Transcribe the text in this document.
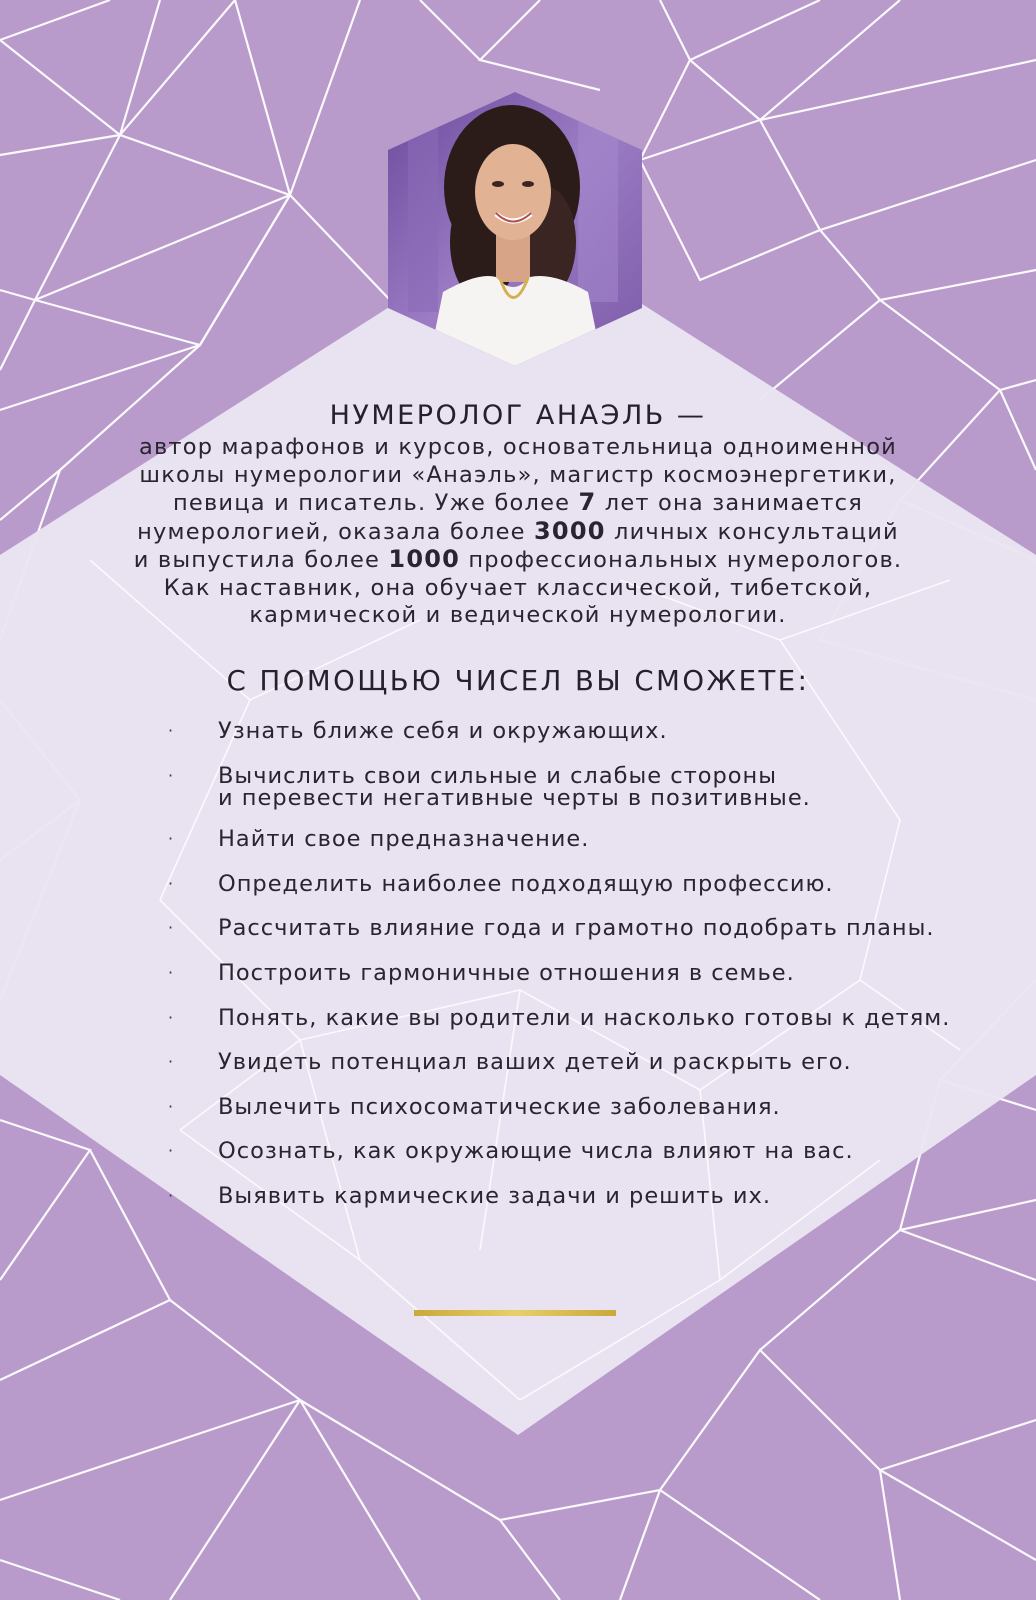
НУМЕРОЛОГ АНАЭЛЬ —

автор марафонов и курсов, основательница одноименной

школы нумерологии «Анаэль», магистр космоэнергетики,

певица и писатель. Уже более 7 лет она занимается

нумерологией, оказала более 3000 личных консультаций

и выпустила более 1000 профессиональных нумерологов.

Как наставник, она обучает классической, тибетской,

кармической и ведической нумерологии.

С ПОМОЩЬЮ ЧИСЕЛ ВЫ СМОЖЕТЕ:
· Узнать ближе себя и окружающих.
· Вычислить свои сильные и слабые стороны
и перевести негативные черты в позитивные.
· Найти свое предназначение.
· Определить наиболее подходящую профессию.
· Рассчитать влияние года и грамотно подобрать планы.
· Построить гармоничные отношения в семье.
· Понять, какие вы родители и насколько готовы к детям.
· Увидеть потенциал ваших детей и раскрыть его.
· Вылечить психосоматические заболевания.
· Осознать, как окружающие числа влияют на вас.
· Выявить кармические задачи и решить их.
